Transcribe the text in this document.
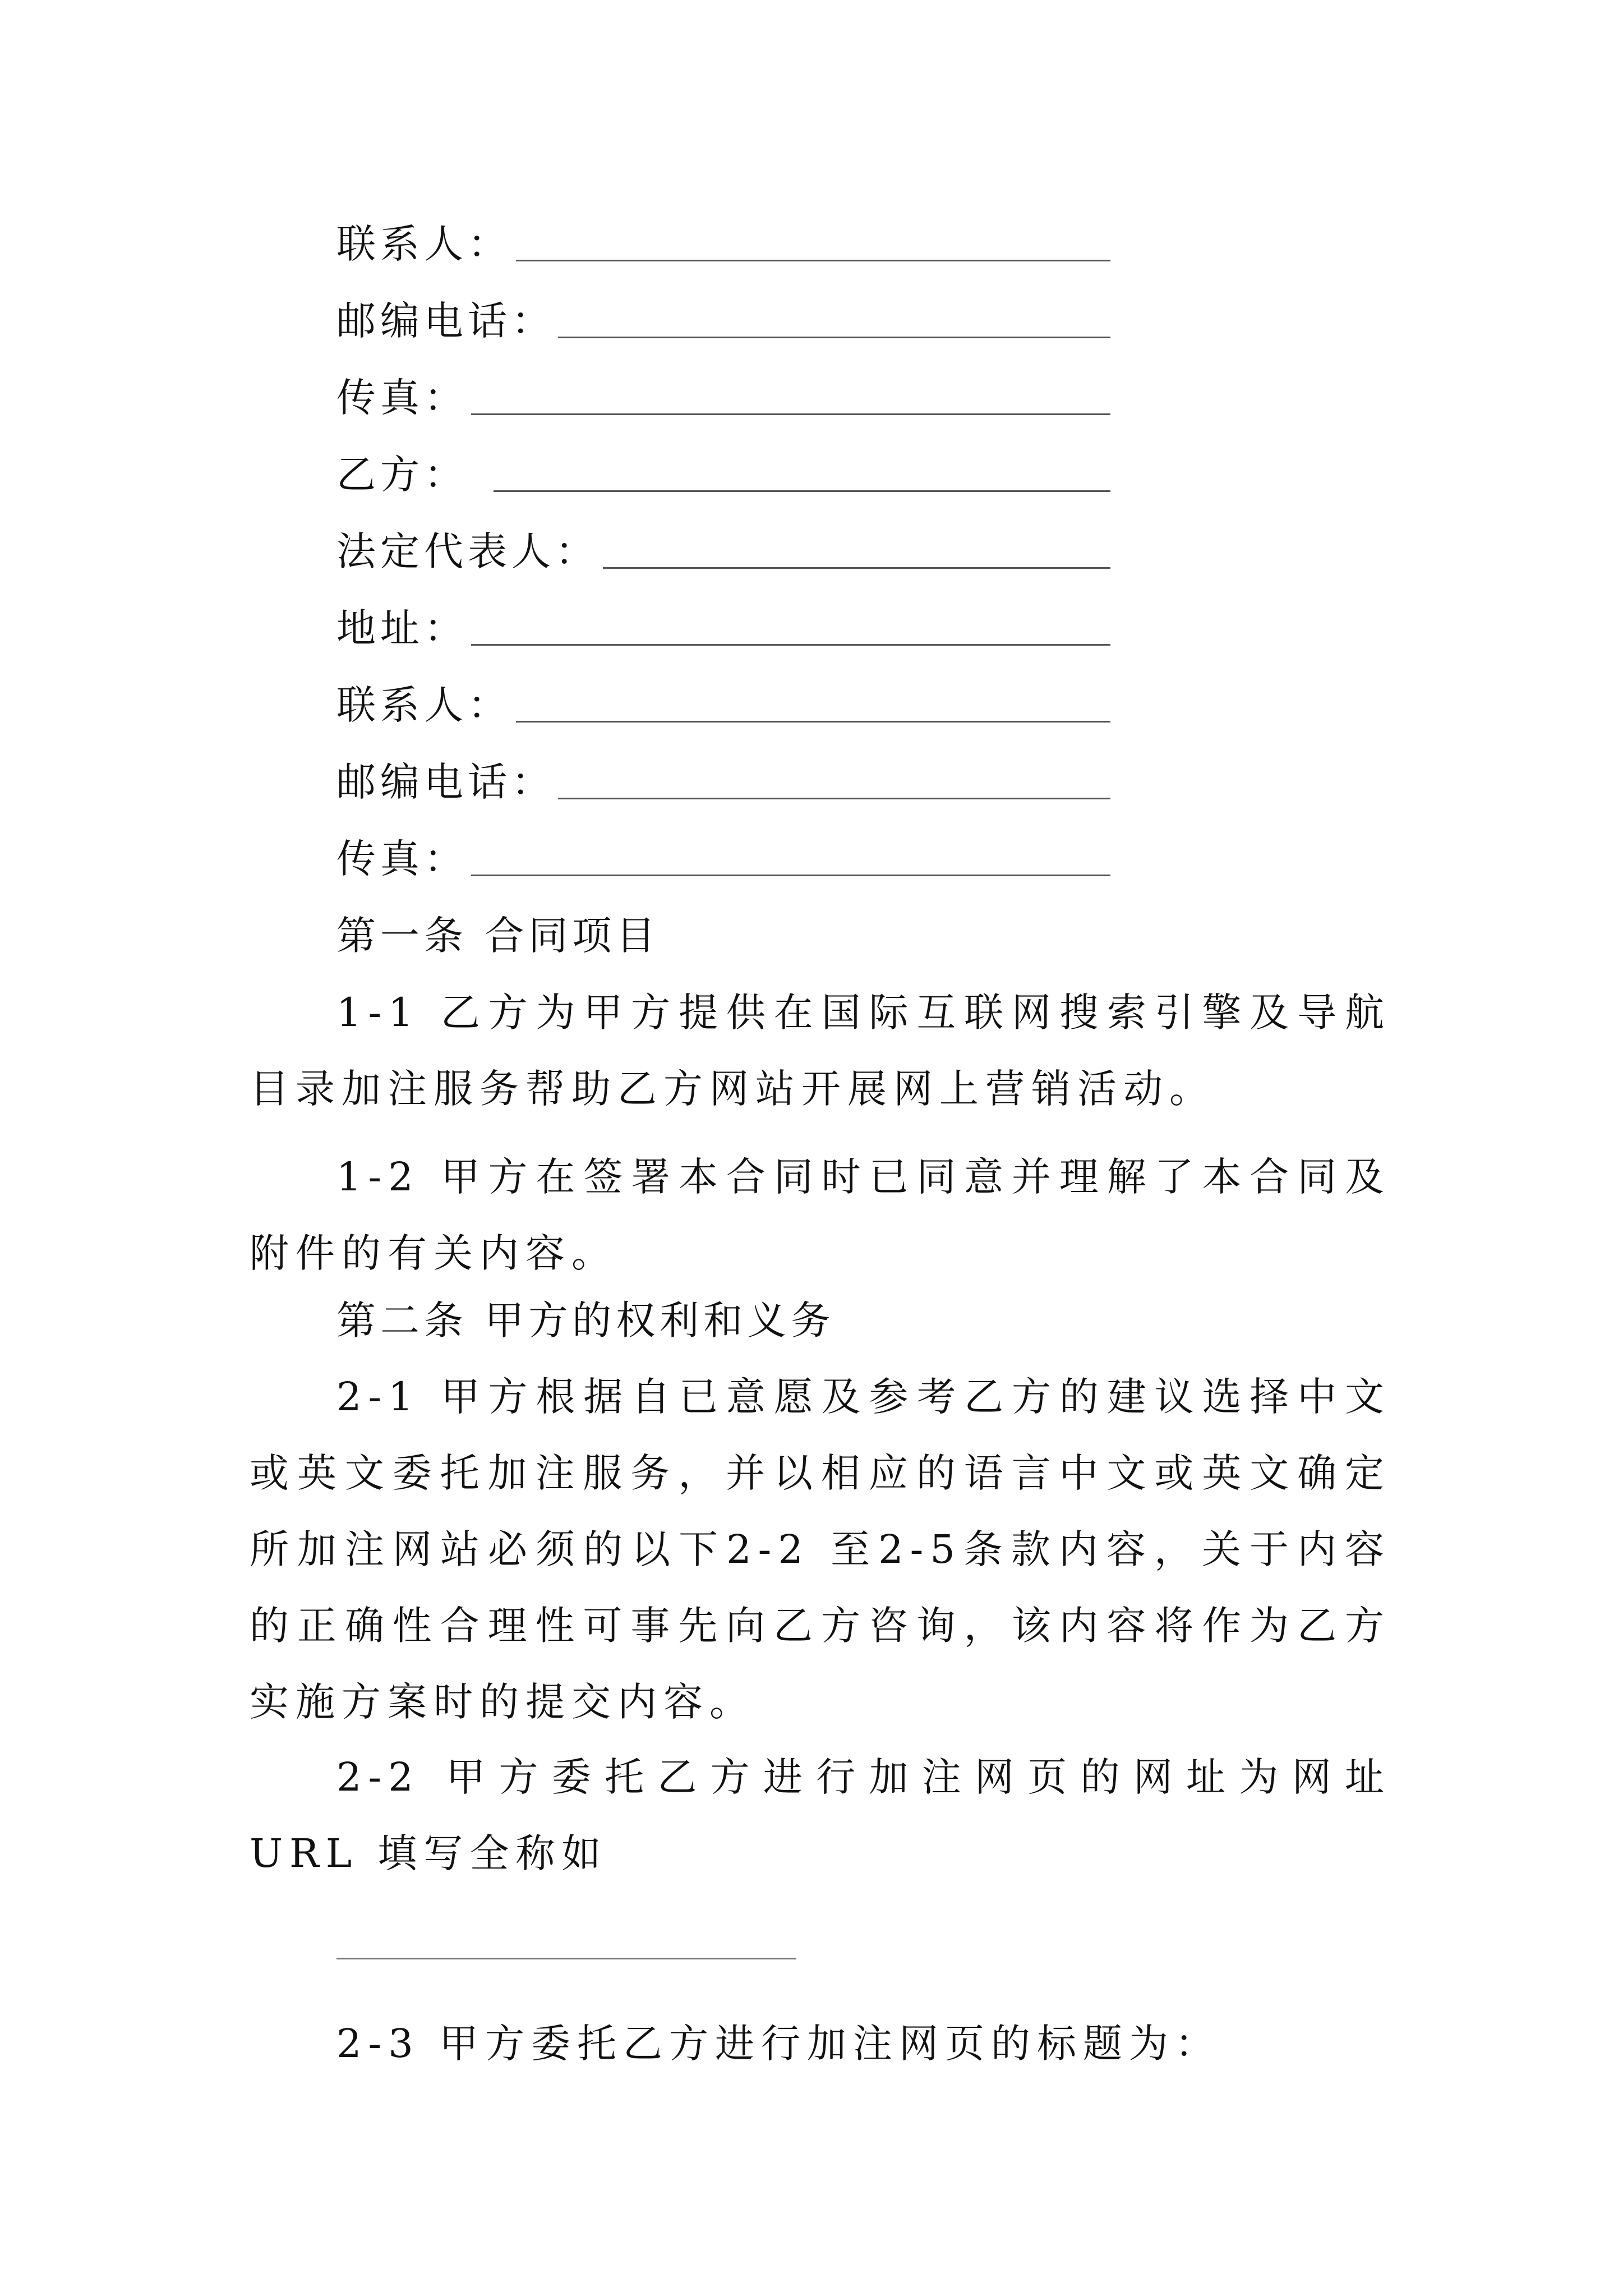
联系人：
邮编电话：
传真：
乙方：
法定代表人：
地址：
联系人：
邮编电话：
传真：
第一条 合同项目

1-1 乙方为甲方提供在国际互联网搜索引擎及导航目录加注服务帮助乙方网站开展网上营销活动。

1-2 甲方在签署本合同时已同意并理解了本合同及附件的有关内容。

第二条 甲方的权利和义务

2-1 甲方根据自已意愿及参考乙方的建议选择中文或英文委托加注服务，并以相应的语言中文或英文确定所加注网站必须的以下2-2 至2-5条款内容，关于内容的正确性合理性可事先向乙方咨询，该内容将作为乙方实施方案时的提交内容。

2-2 甲方委托乙方进行加注网页的网址为网址 URL 填写全称如

2-3 甲方委托乙方进行加注网页的标题为：
